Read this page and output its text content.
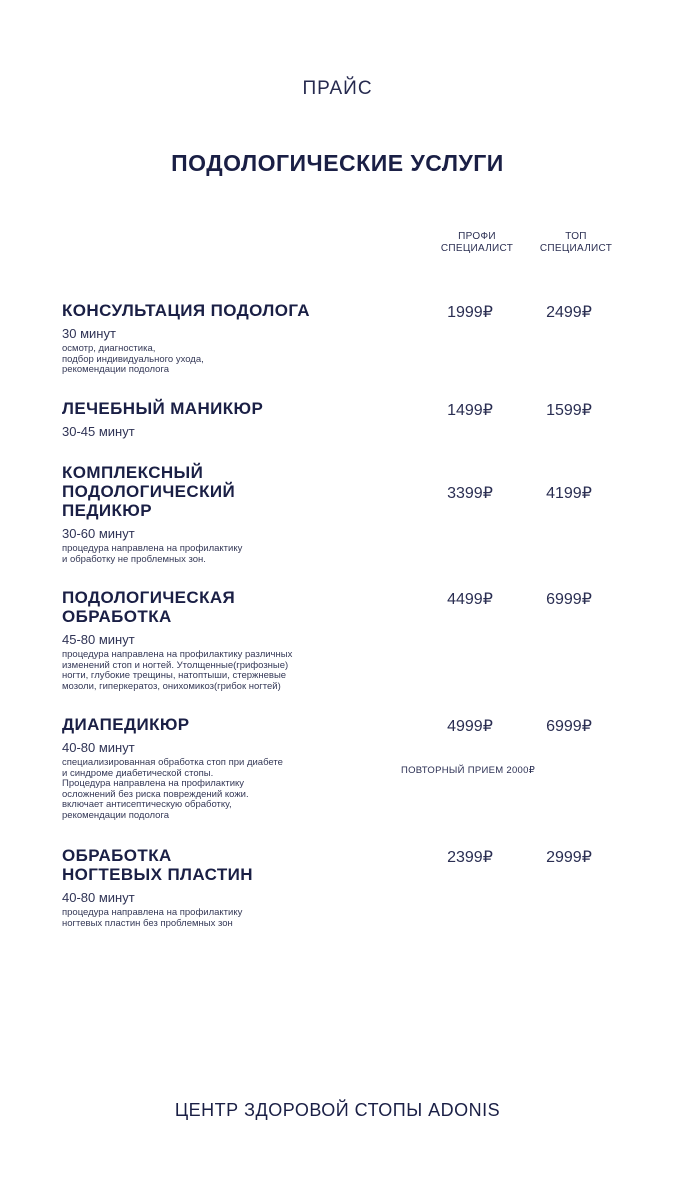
ПРАЙС
ПОДОЛОГИЧЕСКИЕ УСЛУГИ
ПРОФИ
СПЕЦИАЛИСТ
ТОП
СПЕЦИАЛИСТ
КОНСУЛЬТАЦИЯ ПОДОЛОГА
30 минут
осмотр, диагностика,
подбор индивидуального ухода,
рекомендации подолога
1999₽	2499₽
ЛЕЧЕБНЫЙ МАНИКЮР
30-45 минут
1499₽	1599₽
КОМПЛЕКСНЫЙ
ПОДОЛОГИЧЕСКИЙ
ПЕДИКЮР
30-60 минут
процедура направлена на профилактику
и обработку не проблемных зон.
3399₽	4199₽
ПОДОЛОГИЧЕСКАЯ
ОБРАБОТКА
45-80 минут
процедура направлена на профилактику различных
изменений стоп и ногтей. Утолщенные(грифозные)
ногти, глубокие трещины, натоптыши, стержневые
мозоли, гиперкератоз, онихомикоз(грибок ногтей)
4499₽	6999₽
ДИАПЕДИКЮР
40-80 минут
специализированная обработка стоп при диабете
и синдроме диабетической стопы.
Процедура направлена на профилактику
осложнений без риска повреждений кожи.
включает антисептическую обработку,
рекомендации подолога
4999₽	6999₽
ПОВТОРНЫЙ ПРИЕМ 2000₽
ОБРАБОТКА
НОГТЕВЫХ ПЛАСТИН
40-80 минут
процедура направлена на профилактику
ногтевых пластин без проблемных зон
2399₽	2999₽
ЦЕНТР ЗДОРОВОЙ СТОПЫ ADONIS
